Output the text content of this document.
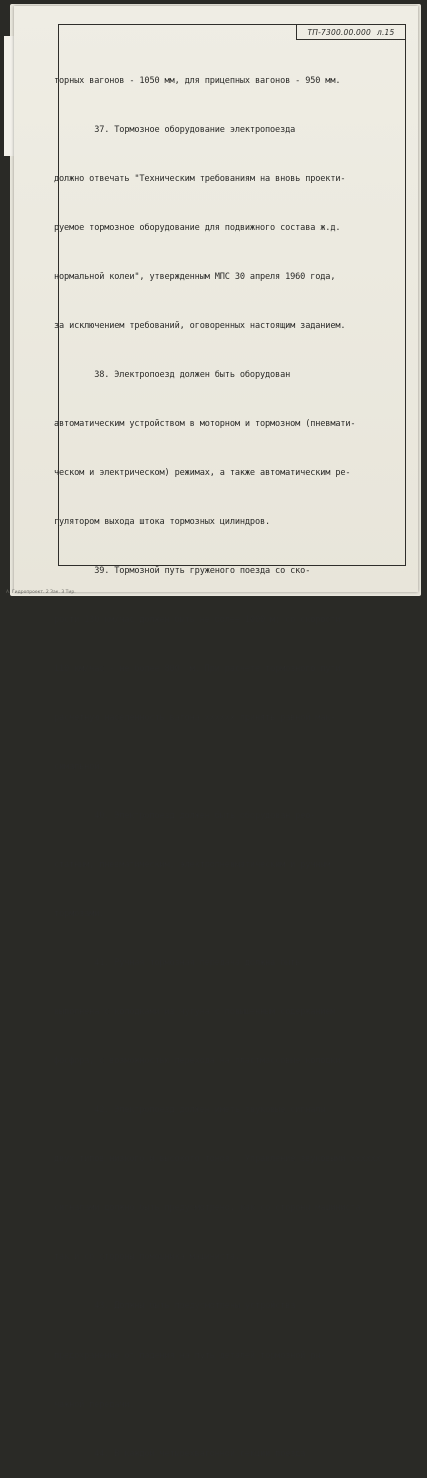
ТП-7300.00.000 л.15

торных вагонов - 1050 мм, для прицепных вагонов - 950 мм.

37. Тормозное оборудование электропоезда

должно отвечать "Техническим требованиям на вновь проекти-

руемое тормозное оборудование для подвижного состава ж.д.

нормальной колеи", утвержденным МПС 30 апреля 1960 года,

за исключением требований, оговоренных настоящим заданием.

38. Электропоезд должен быть оборудован

автоматическим устройством в моторном и тормозном (пневмати-

ческом и электрическом) режимах, а также автоматическим ре-

гулятором выхода штока тормозных цилиндров.

39. Тормозной путь груженого поезда со ско-

рости 130 км/час должен быть не более 1000 м; со скорости

110 км/час - не более 800  м. При расчете тормозного пути

расчетную населенность вагона хххххх принять равной мак-

симальной.

40. Электропоезд должен быть оборудован рео-

статным, пневматическим, электропневматическим и ручным

тормозами.

41. Ручная тормозная передача должна быть

выполнена с колодками из чугуна с повышенным содержанием

фосфора, с возможностью перехода на пластмассовые колодки.

42. Электропоезд должен иметь звуковые сигналы

двух типов низкого и высокого тонов.  Управление звуковыми хххххх

сигналами должно быть предусмотрено, как со стороны машиниста,

так и со стороны помощника машиниста.

43. Должны быть предусмотрены устройства

предохранение от падения на путь деталей тормозной ры-

чажной передачи.

44. В каждой четырехвагонной секции поезда

А. Гидропроект. 2 Зак. 3 Тир.
